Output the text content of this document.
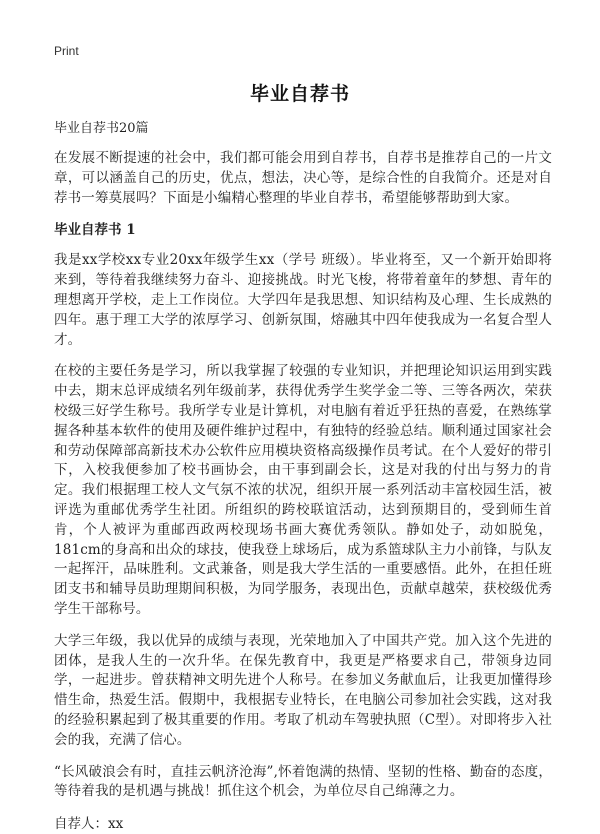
Print
毕业自荐书

毕业自荐书20篇

在发展不断提速的社会中，我们都可能会用到自荐书，自荐书是推荐自己的一片文章，可以涵盖自己的历史，优点，想法，决心等，是综合性的自我简介。还是对自荐书一筹莫展吗？下面是小编精心整理的毕业自荐书，希望能够帮助到大家。

毕业自荐书 1

我是xx学校xx专业20xx年级学生xx（学号 班级）。毕业将至，又一个新开始即将来到，等待着我继续努力奋斗、迎接挑战。时光飞梭，将带着童年的梦想、青年的理想离开学校，走上工作岗位。大学四年是我思想、知识结构及心理、生长成熟的四年。惠于理工大学的浓厚学习、创新氛围，熔融其中四年使我成为一名复合型人才。

在校的主要任务是学习，所以我掌握了较强的专业知识，并把理论知识运用到实践中去，期末总评成绩名列年级前茅，获得优秀学生奖学金二等、三等各两次，荣获校级三好学生称号。我所学专业是计算机，对电脑有着近乎狂热的喜爱，在熟练掌握各种基本软件的使用及硬件维护过程中，有独特的经验总结。顺利通过国家社会和劳动保障部高新技术办公软件应用模块资格高级操作员考试。在个人爱好的带引下，入校我便参加了校书画协会，由干事到副会长，这是对我的付出与努力的肯定。我们根据理工校人文气氛不浓的状况，组织开展一系列活动丰富校园生活，被评选为重邮优秀学生社团。所组织的跨校联谊活动，达到预期目的，受到师生首肯，个人被评为重邮西政两校现场书画大赛优秀领队。静如处子，动如脱兔，181cm的身高和出众的球技，使我登上球场后，成为系篮球队主力小前锋，与队友一起挥汗，品味胜利。文武兼备，则是我大学生活的一重要感悟。此外，在担任班团支书和辅导员助理期间积极，为同学服务，表现出色，贡献卓越荣，获校级优秀学生干部称号。

大学三年级，我以优异的成绩与表现，光荣地加入了中国共产党。加入这个先进的团体，是我人生的一次升华。在保先教育中，我更是严格要求自己，带领身边同学，一起进步。曾获精神文明先进个人称号。在参加义务献血后，让我更加懂得珍惜生命，热爱生活。假期中，我根据专业特长，在电脑公司参加社会实践，这对我的经验积累起到了极其重要的作用。考取了机动车驾驶执照（C型）。对即将步入社会的我，充满了信心。

“长风破浪会有时，直挂云帆济沧海”,怀着饱满的热情、坚韧的性格、勤奋的态度，等待着我的是机遇与挑战！抓住这个机会，为单位尽自己绵薄之力。

自荐人：xx
